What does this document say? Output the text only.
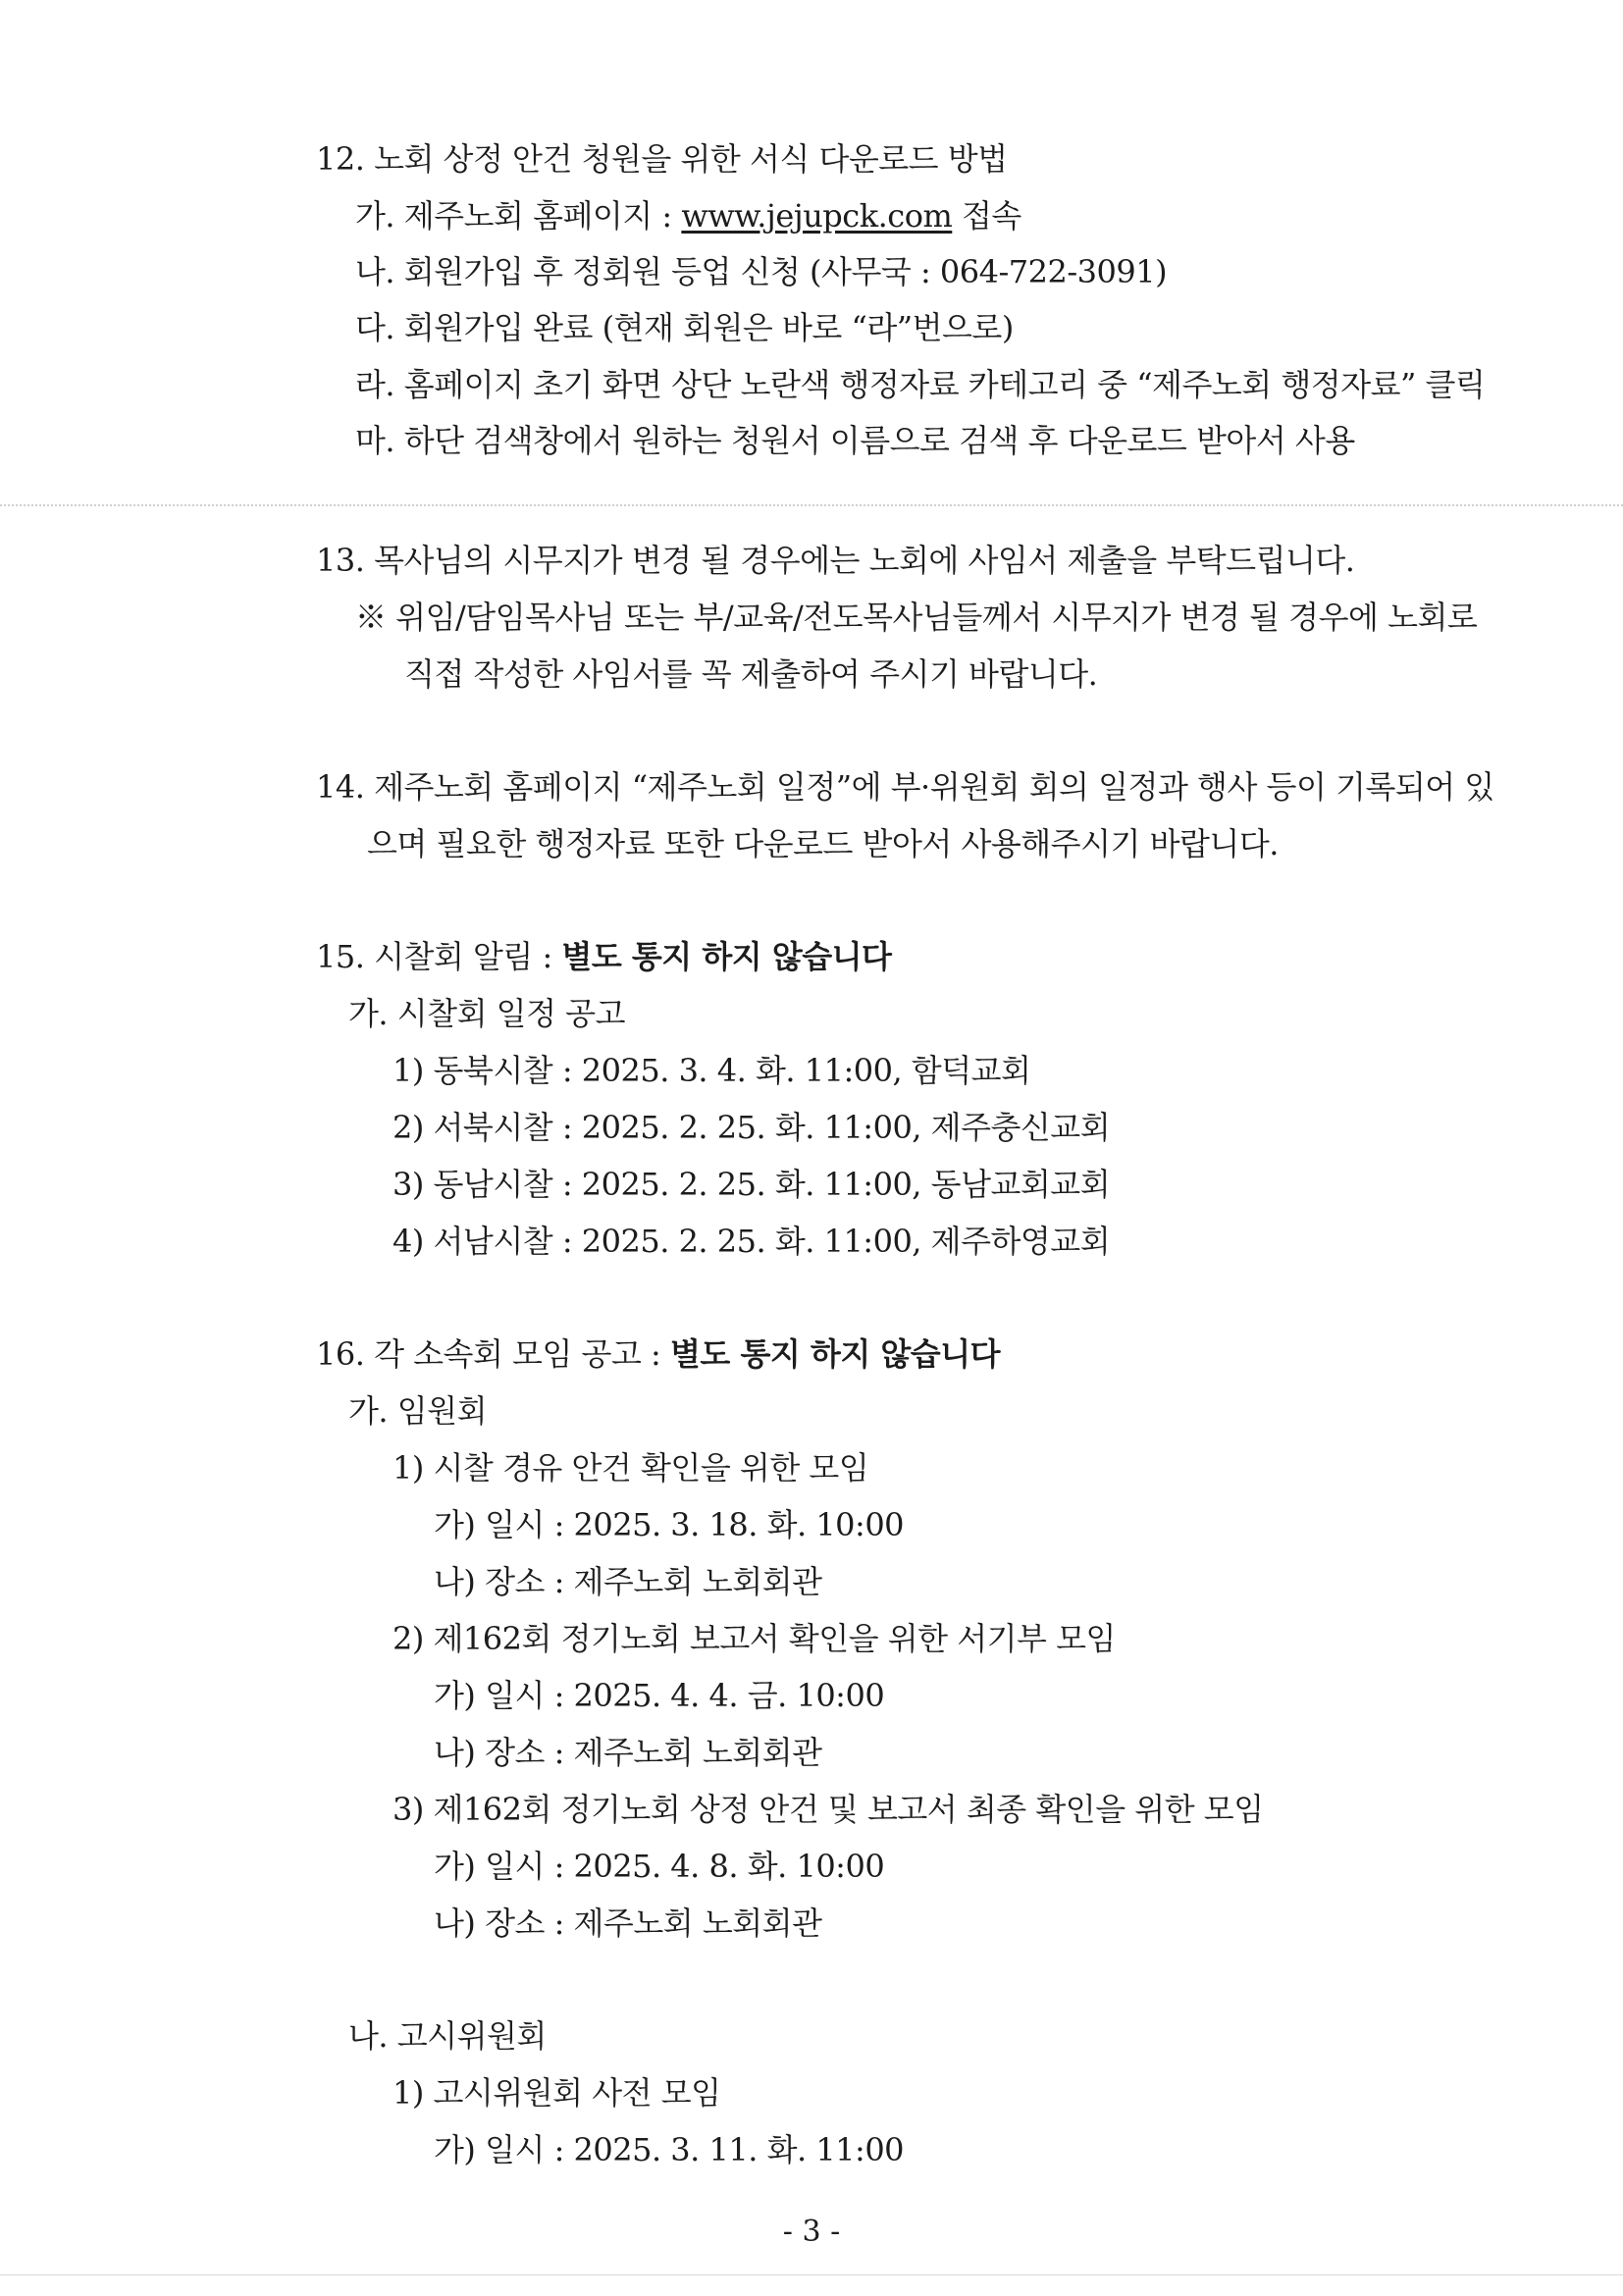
12. 노회 상정 안건 청원을 위한 서식 다운로드 방법
가. 제주노회 홈페이지 : www.jejupck.com 접속
나. 회원가입 후 정회원 등업 신청 (사무국 : 064-722-3091)
다. 회원가입 완료 (현재 회원은 바로 “라”번으로)
라. 홈페이지 초기 화면 상단 노란색 행정자료 카테고리 중 “제주노회 행정자료” 클릭
마. 하단 검색창에서 원하는 청원서 이름으로 검색 후 다운로드 받아서 사용
13. 목사님의 시무지가 변경 될 경우에는 노회에 사임서 제출을 부탁드립니다.
※ 위임/담임목사님 또는 부/교육/전도목사님들께서 시무지가 변경 될 경우에 노회로
직접 작성한 사임서를 꼭 제출하여 주시기 바랍니다.
14. 제주노회 홈페이지 “제주노회 일정”에 부·위원회 회의 일정과 행사 등이 기록되어 있
으며 필요한 행정자료 또한 다운로드 받아서 사용해주시기 바랍니다.
15. 시찰회 알림 : 별도 통지 하지 않습니다
가. 시찰회 일정 공고
1) 동북시찰 : 2025. 3. 4. 화. 11:00, 함덕교회
2) 서북시찰 : 2025. 2. 25. 화. 11:00, 제주충신교회
3) 동남시찰 : 2025. 2. 25. 화. 11:00, 동남교회교회
4) 서남시찰 : 2025. 2. 25. 화. 11:00, 제주하영교회
16. 각 소속회 모임 공고 : 별도 통지 하지 않습니다
가. 임원회
1) 시찰 경유 안건 확인을 위한 모임
가) 일시 : 2025. 3. 18. 화. 10:00
나) 장소 : 제주노회 노회회관
2) 제162회 정기노회 보고서 확인을 위한 서기부 모임
가) 일시 : 2025. 4. 4. 금. 10:00
나) 장소 : 제주노회 노회회관
3) 제162회 정기노회 상정 안건 및 보고서 최종 확인을 위한 모임
가) 일시 : 2025. 4. 8. 화. 10:00
나) 장소 : 제주노회 노회회관
나. 고시위원회
1) 고시위원회 사전 모임
가) 일시 : 2025. 3. 11. 화. 11:00
- 3 -
